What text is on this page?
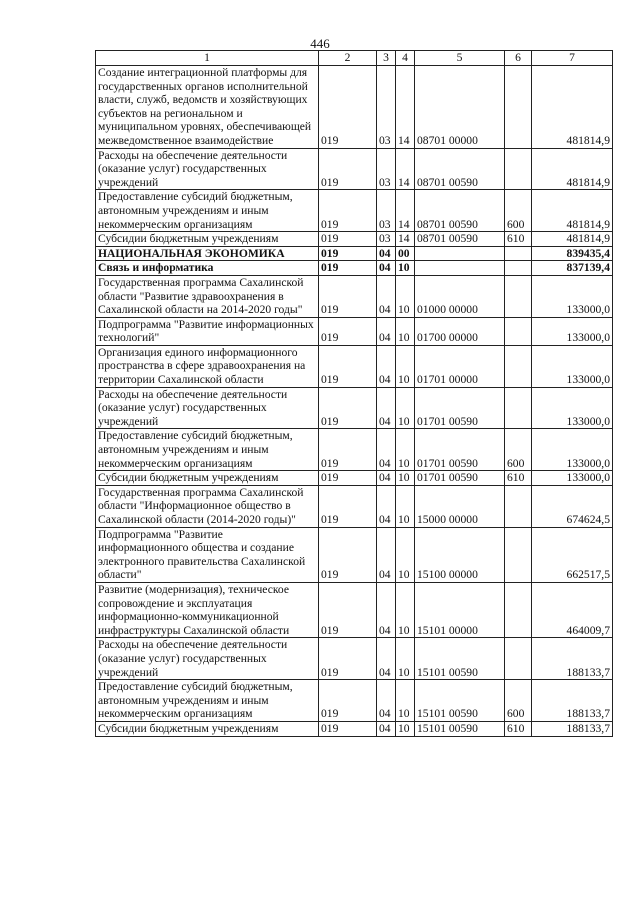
446
1	2	3	4	5	6	7
Создание интеграционной платформы для государственных органов исполнительной власти, служб, ведомств и хозяйствующих субъектов на региональном и муниципальном уровнях, обеспечивающей межведомственное взаимодействие	019	03	14	08701 00000		481814,9
Расходы на обеспечение деятельности (оказание услуг) государственных учреждений	019	03	14	08701 00590		481814,9
Предоставление субсидий бюджетным, автономным учреждениям и иным некоммерческим организациям	019	03	14	08701 00590	600	481814,9
Субсидии бюджетным учреждениям	019	03	14	08701 00590	610	481814,9
НАЦИОНАЛЬНАЯ ЭКОНОМИКА	019	04	00			839435,4
Связь и информатика	019	04	10			837139,4
Государственная программа Сахалинской области "Развитие здравоохранения в Сахалинской области на 2014-2020 годы"	019	04	10	01000 00000		133000,0
Подпрограмма "Развитие информационных технологий"	019	04	10	01700 00000		133000,0
Организация единого информационного пространства в сфере здравоохранения на территории Сахалинской области	019	04	10	01701 00000		133000,0
Расходы на обеспечение деятельности (оказание услуг) государственных учреждений	019	04	10	01701 00590		133000,0
Предоставление субсидий бюджетным, автономным учреждениям и иным некоммерческим организациям	019	04	10	01701 00590	600	133000,0
Субсидии бюджетным учреждениям	019	04	10	01701 00590	610	133000,0
Государственная программа Сахалинской области "Информационное общество в Сахалинской области (2014-2020 годы)"	019	04	10	15000 00000		674624,5
Подпрограмма "Развитие информационного общества и создание электронного правительства Сахалинской области"	019	04	10	15100 00000		662517,5
Развитие (модернизация), техническое сопровождение и эксплуатация информационно-коммуникационной инфраструктуры Сахалинской области	019	04	10	15101 00000		464009,7
Расходы на обеспечение деятельности (оказание услуг) государственных учреждений	019	04	10	15101 00590		188133,7
Предоставление субсидий бюджетным, автономным учреждениям и иным некоммерческим организациям	019	04	10	15101 00590	600	188133,7
Субсидии бюджетным учреждениям	019	04	10	15101 00590	610	188133,7
